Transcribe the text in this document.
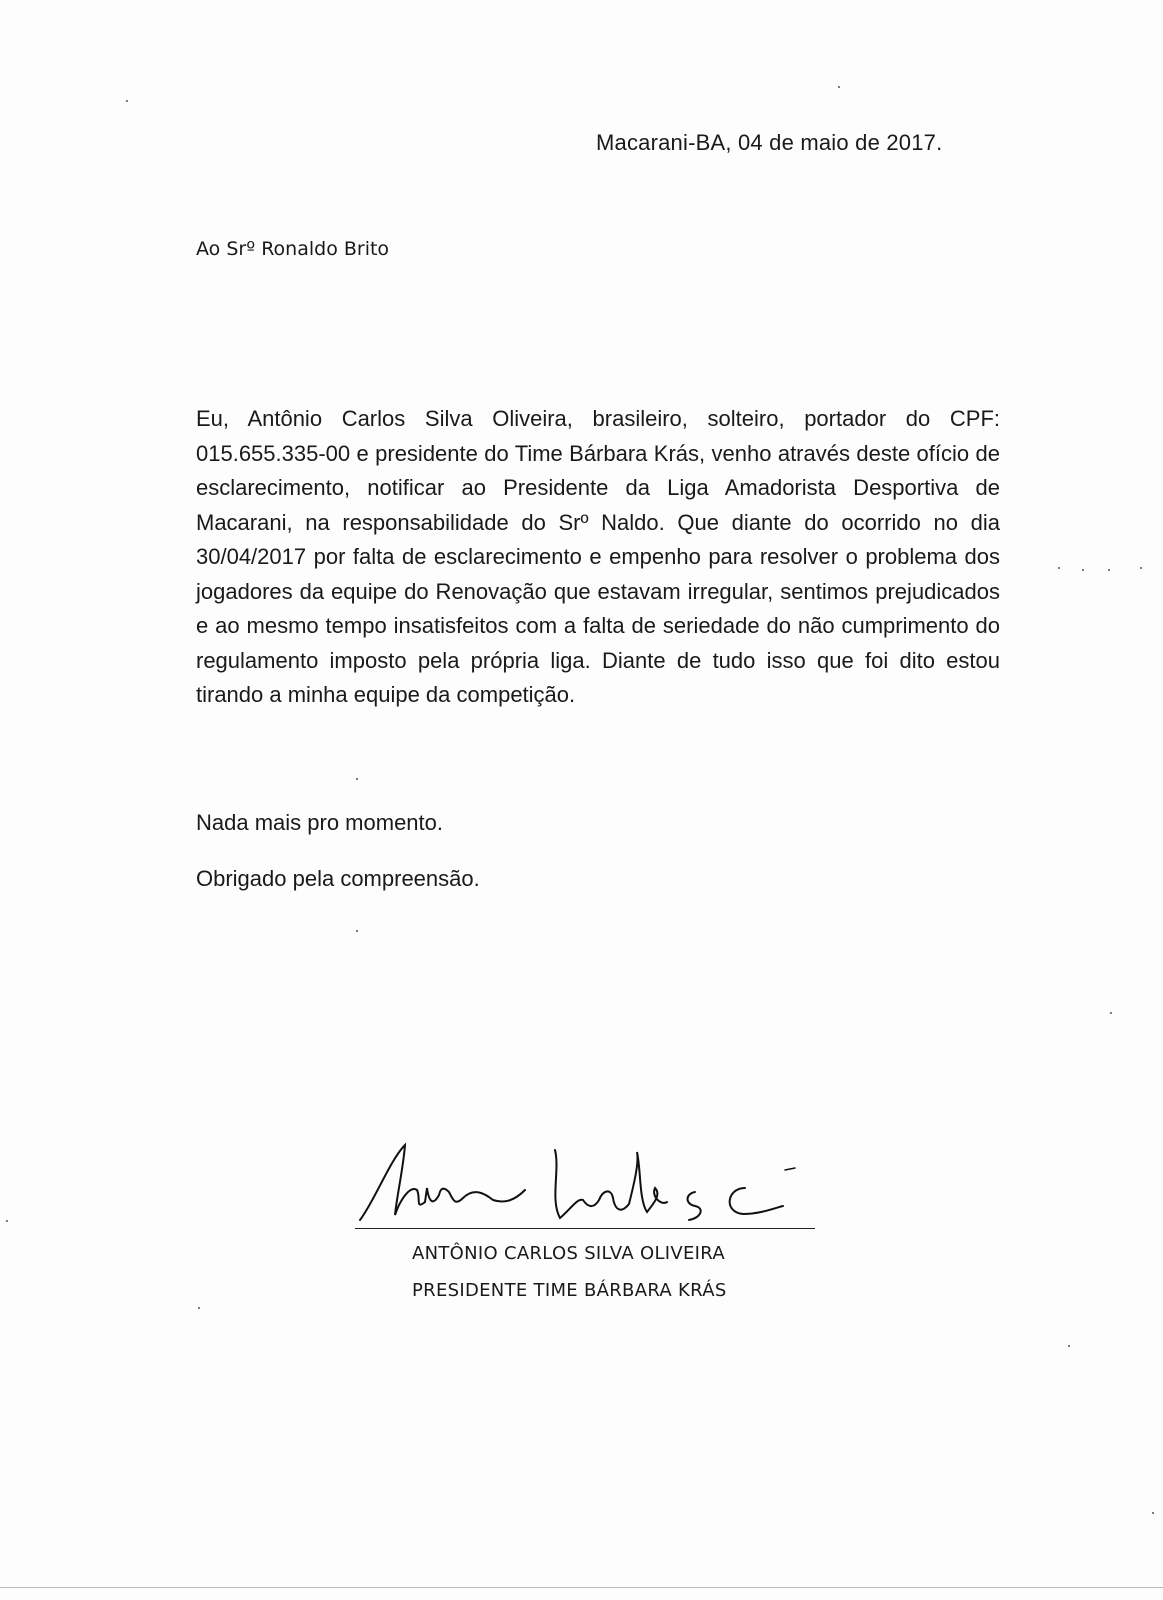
Macarani-BA, 04 de maio de 2017.
Ao Srº Ronaldo Brito
Eu, Antônio Carlos Silva Oliveira, brasileiro, solteiro, portador do CPF: 015.655.335-00 e presidente do Time Bárbara Krás, venho através deste ofício de esclarecimento, notificar ao Presidente da Liga Amadorista Desportiva de Macarani, na responsabilidade do Srº Naldo. Que diante do ocorrido no dia 30/04/2017 por falta de esclarecimento e empenho para resolver o problema dos jogadores da equipe do Renovação que estavam irregular, sentimos prejudicados e ao mesmo tempo insatisfeitos com a falta de seriedade do não cumprimento do regulamento imposto pela própria liga. Diante de tudo isso que foi dito estou tirando a minha equipe da competição.
Nada mais pro momento.
Obrigado pela compreensão.
ANTÔNIO CARLOS SILVA OLIVEIRA
PRESIDENTE TIME BÁRBARA KRÁS
